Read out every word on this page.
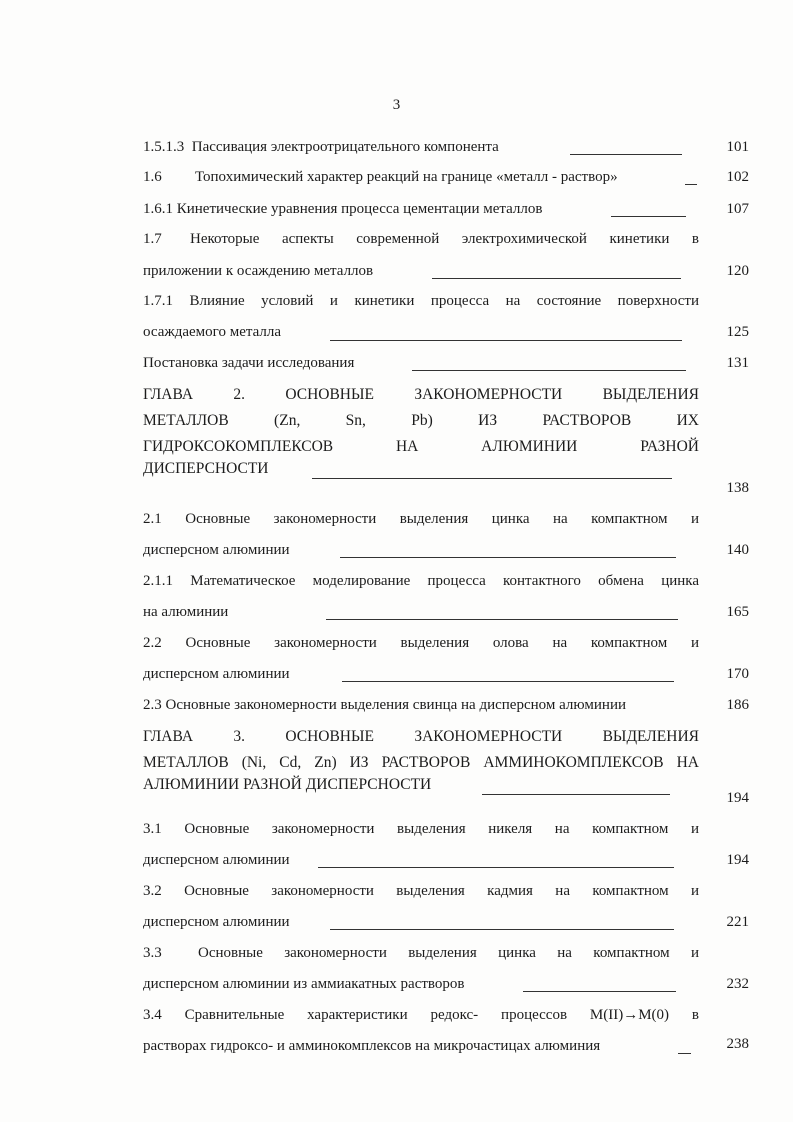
3
1.5.1.3 Пассивация электроотрицательного компонента	101
1.6 Топохимический характер реакций на границе «металл - раствор»	102
1.6.1 Кинетические уравнения процесса цементации металлов	107
1.7 Некоторые аспекты современной электрохимической кинетики в
приложении к осаждению металлов	120
1.7.1 Влияние условий и кинетики процесса на состояние поверхности
осаждаемого металла	125
Постановка задачи исследования	131
ГЛАВА 2. ОСНОВНЫЕ ЗАКОНОМЕРНОСТИ ВЫДЕЛЕНИЯ
МЕТАЛЛОВ (Zn, Sn, Pb) ИЗ РАСТВОРОВ ИХ
ГИДРОКСОКОМПЛЕКСОВ НА АЛЮМИНИИ РАЗНОЙ
ДИСПЕРСНОСТИ
138
2.1 Основные закономерности выделения цинка на компактном и
дисперсном алюминии	140
2.1.1 Математическое моделирование процесса контактного обмена цинка
на алюминии	165
2.2 Основные закономерности выделения олова на компактном и
дисперсном алюминии	170
2.3 Основные закономерности выделения свинца на дисперсном алюминии	186
ГЛАВА 3. ОСНОВНЫЕ ЗАКОНОМЕРНОСТИ ВЫДЕЛЕНИЯ
МЕТАЛЛОВ (Ni, Cd, Zn) ИЗ РАСТВОРОВ АММИНОКОМПЛЕКСОВ НА
АЛЮМИНИИ РАЗНОЙ ДИСПЕРСНОСТИ
194
3.1 Основные закономерности выделения никеля на компактном и
дисперсном алюминии	194
3.2 Основные закономерности выделения кадмия на компактном и
дисперсном алюминии	221
3.3 Основные закономерности выделения цинка на компактном и
дисперсном алюминии из аммиакатных растворов	232
3.4 Сравнительные характеристики редокс- процессов M(II)→M(0) в
растворах гидроксо- и амминокомплексов на микрочастицах алюминия	238
